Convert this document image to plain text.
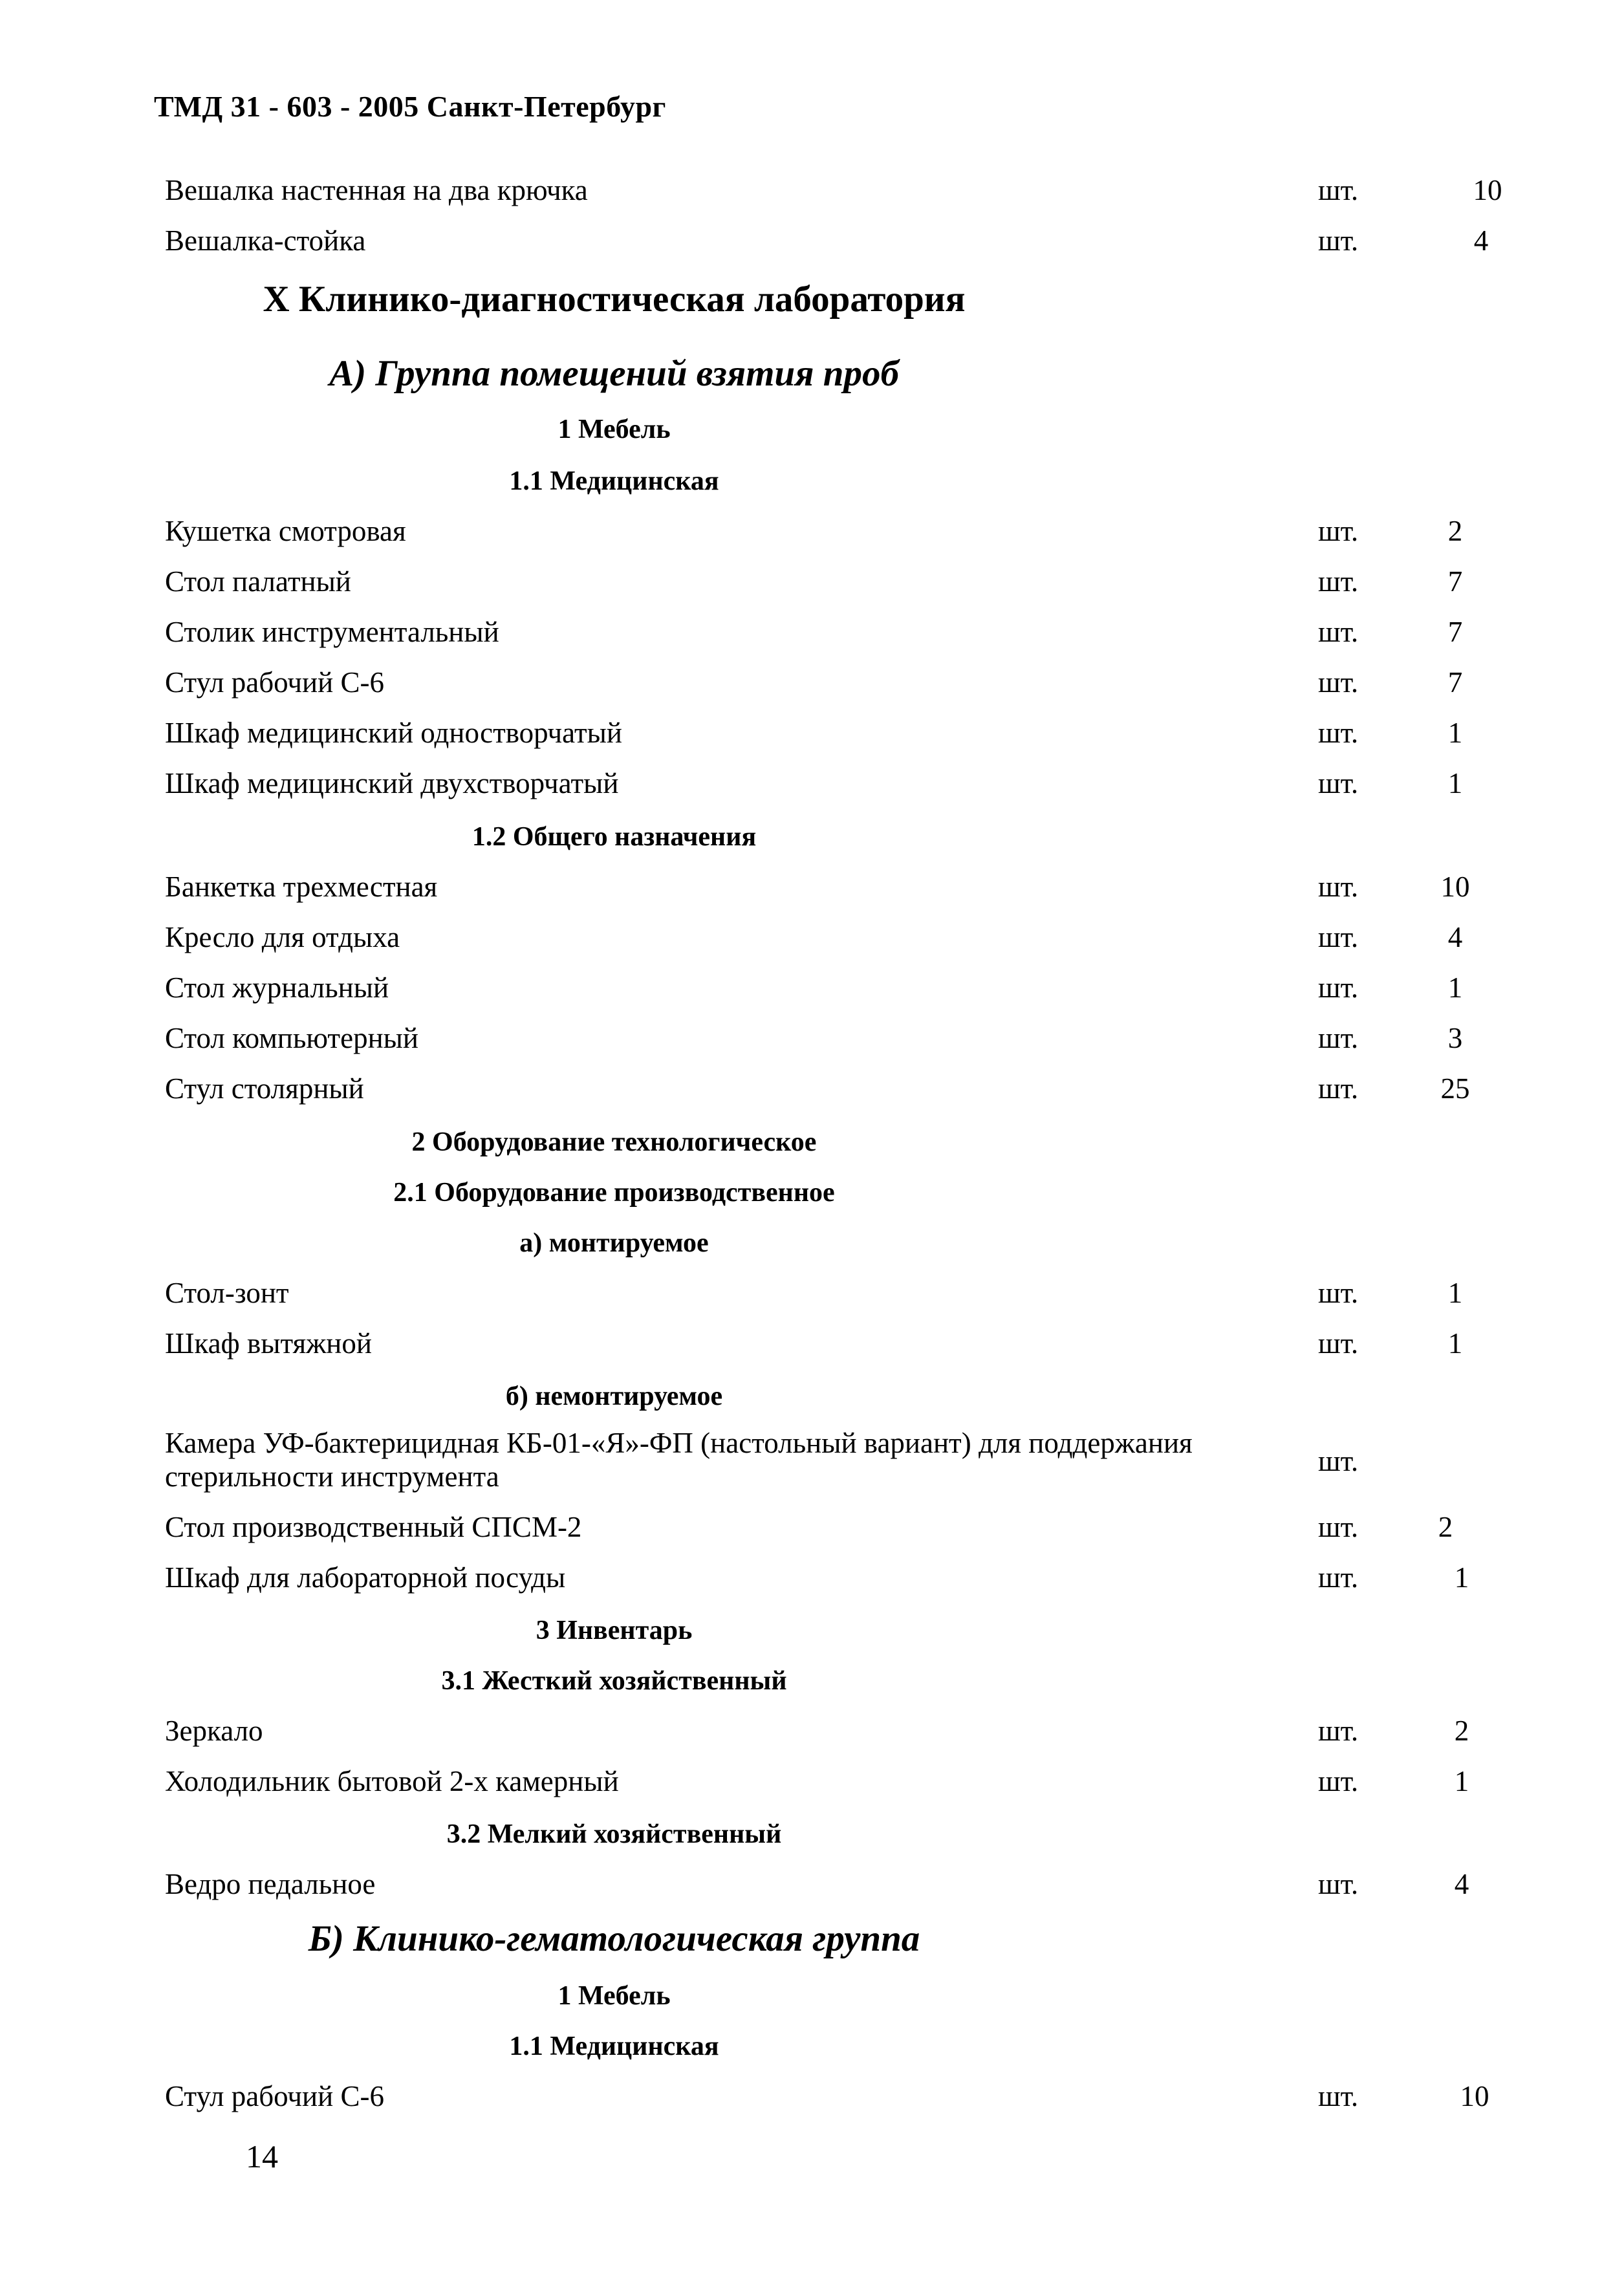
ТМД 31 - 603 - 2005 Санкт-Петербург
Вешалка настенная на два крючка	шт.	10
Вешалка-стойка	шт.	4
X Клинико-диагностическая лаборатория
А) Группа помещений взятия проб
1 Мебель
1.1 Медицинская
Кушетка смотровая	шт.	2
Стол палатный	шт.	7
Столик инструментальный	шт.	7
Стул рабочий С-6	шт.	7
Шкаф медицинский одностворчатый	шт.	1
Шкаф медицинский двухстворчатый	шт.	1
1.2 Общего назначения
Банкетка трехместная	шт.	10
Кресло для отдыха	шт.	4
Стол журнальный	шт.	1
Стол компьютерный	шт.	3
Стул столярный	шт.	25
2 Оборудование технологическое
2.1 Оборудование производственное
а) монтируемое
Стол-зонт	шт.	1
Шкаф вытяжной	шт.	1
б) немонтируемое
Камера УФ-бактерицидная КБ-01-«Я»-ФП (настольный вариант) для поддержания стерильности инструмента	шт.
Стол производственный СПСМ-2	шт.	2
Шкаф для лабораторной посуды	шт.	1
3 Инвентарь
3.1 Жесткий хозяйственный
Зеркало	шт.	2
Холодильник бытовой 2-х камерный	шт.	1
3.2 Мелкий хозяйственный
Ведро педальное	шт.	4
Б) Клинико-гематологическая группа
1 Мебель
1.1 Медицинская
Стул рабочий С-6	шт.	10
14
